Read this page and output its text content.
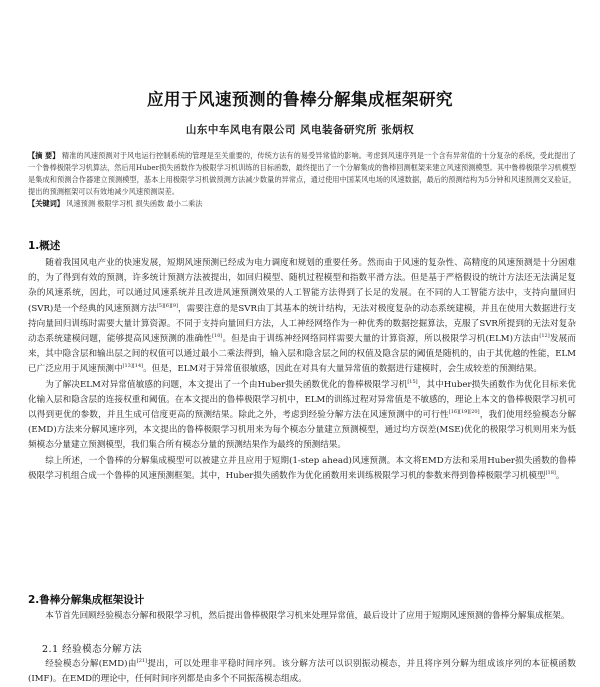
应用于风速预测的鲁棒分解集成框架研究
山东中车风电有限公司 风电装备研究所 张炳权
【摘 要】 精准的风速预测对于风电运行控制系统的管理是至关重要的，传统方法有的易受异常值的影响。考虑到风速序列是一个含有异常值的十分复杂的系统，受此提出了一个鲁棒极限学习机算法，然后用Huber损失函数作为极限学习机训练的目标函数，最终提出了一个分解集成的鲁棒回测框架来建立风速预测模型。其中鲁棒极限学习机模型是集成和预测合作器建立预测模型，基本上用极限学习机做预测方法减少数量的异常点，通过使用中国某风电场的风速数据，最后的预测结构为5分钟和风速预测交叉验证，提出的预测框架可以有效地减少风速预测误差。
【关键词】 风速预测 极限学习机 损失函数 最小二乘法
1.概述

随着我国风电产业的快速发展，短期风速预测已经成为电力调度和规划的重要任务。然而由于风速的复杂性、高精度的风速预测是十分困难的，为了得到有效的预测，许多统计预测方法被提出，如回归模型、随机过程模型和指数平滑方法。但是基于严格假设的统计方法还无法满足复杂的风速系统，因此，可以通过风速系统并且改进风速预测效果的人工智能方法得到了长足的发展。在不同的人工智能方法中，支持向量回归(SVR)是一个经典的风速预测方法[5][6][9]，需要注意的是SVR由丁其基本的统计结构，无法对极度复杂的动态系统建模，并且在使用大数据进行支持向量回归训练时需要大量计算资源。不同于支持向量回归方法，人工神经网络作为一种优秀的数据挖掘算法，克服了SVR所提到的无法对复杂动态系统建模问题，能够提高风速预测的准确性[10]。但是由于训练神经网络同样需要大量的计算资源，所以极限学习机(ELM)方法由[12]发展而来，其中隐含层和输出层之间的权值可以通过最小二乘法得到，输入层和隐含层之间的权值及隐含层的阈值是随机的，由于其优越的性能，ELM已广泛应用于风速预测中[13][14]。但是，ELM对于异常值很敏感，因此在对具有大量异常值的数据进行建模时，会生成较差的预测结果。

为了解决ELM对异常值敏感的问题，本文提出了一个由Huber损失函数优化的鲁棒极限学习机[15]，其中Huber损失函数作为优化目标来优化输入层和隐含层的连接权重和阈值。在本文提出的鲁棒极限学习机中，ELM的训练过程对异常值是不敏感的，理论上本文的鲁棒极限学习机可以得到更优的参数，并且生成可信度更高的预测结果。除此之外，考虑到经验分解方法在风速预测中的可行性[16][19][20]，我们使用经验模态分解(EMD)方法来分解风速序列，本文提出的鲁棒极限学习机用来为每个模态分量建立预测模型，通过均方误差(MSE)优化的极限学习机则用来为低频模态分量建立预测模型，我们集合所有模态分量的预测结果作为最终的预测结果。

综上所述，一个鲁棒的分解集成模型可以被建立并且应用于短期(1-step ahead)风速预测。本文将EMD方法和采用Huber损失函数的鲁棒极限学习机组合成一个鲁棒的风速预测框架。其中，Huber损失函数作为优化函数用来训练极限学习机的参数来得到鲁棒极限学习机模型[18]。

2.鲁棒分解集成框架设计

本节首先回顾经验模态分解和极限学习机，然后提出鲁棒极限学习机来处理异常值，最后设计了应用于短期风速预测的鲁棒分解集成框架。

2.1 经验模态分解方法

经验模态分解(EMD)由[21]提出，可以处理非平稳时间序列。该分解方法可以识别振动模态，并且将序列分解为组成该序列的本征模函数(IMF)。在EMD的理论中，任何时间序列都是由多个不同振荡模态组成。
